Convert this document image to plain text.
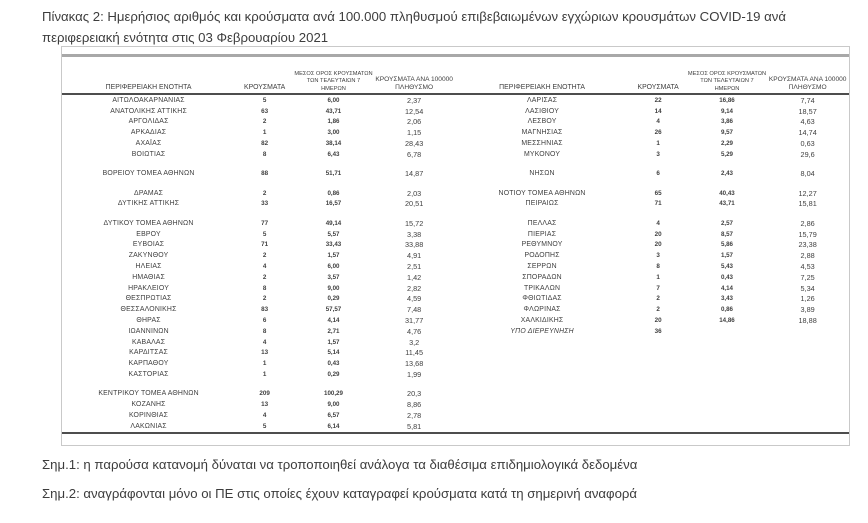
Πίνακας 2: Ημερήσιος αριθμός και κρούσματα ανά 100.000 πληθυσμού επιβεβαιωμένων εγχώριων κρουσμάτων COVID-19 ανά περιφερειακή ενότητα στις 03 Φεβρουαρίου 2021
ΠΕΡΙΦΕΡΕΙΑΚΗ ΕΝΟΤΗΤΑ	ΚΡΟΥΣΜΑΤΑ
ΜΕΣΟΣ ΟΡΟΣ ΚΡΟΥΣΜΑΤΩΝ
ΤΩΝ ΤΕΛΕΥΤΑΙΩΝ 7 ΗΜΕΡΩΝ
ΚΡΟΥΣΜΑΤΑ ΑΝΑ 100000
ΠΛΗΘΥΣΜΟ	ΠΕΡΙΦΕΡΕΙΑΚΗ ΕΝΟΤΗΤΑ	ΚΡΟΥΣΜΑΤΑ
ΜΕΣΟΣ ΟΡΟΣ ΚΡΟΥΣΜΑΤΩΝ
ΤΩΝ ΤΕΛΕΥΤΑΙΩΝ 7 ΗΜΕΡΩΝ
ΚΡΟΥΣΜΑΤΑ ΑΝΑ 100000
ΠΛΗΘΥΣΜΟ
ΑΙΤΩΛΟΑΚΑΡΝΑΝΙΑΣ	5	6,00	2,37
ΑΝΑΤΟΛΙΚΗΣ ΑΤΤΙΚΗΣ	63	43,71	12,54
ΑΡΓΟΛΙΔΑΣ	2	1,86	2,06
ΑΡΚΑΔΙΑΣ	1	3,00	1,15
ΑΧΑΪΑΣ	82	38,14	28,43
ΒΟΙΩΤΙΑΣ	8	6,43	6,78
ΒΟΡΕΙΟΥ ΤΟΜΕΑ ΑΘΗΝΩΝ	88	51,71	14,87
ΔΡΑΜΑΣ	2	0,86	2,03
ΔΥΤΙΚΗΣ ΑΤΤΙΚΗΣ	33	16,57	20,51
ΔΥΤΙΚΟΥ ΤΟΜΕΑ ΑΘΗΝΩΝ	77	49,14	15,72
ΕΒΡΟΥ	5	5,57	3,38
ΕΥΒΟΙΑΣ	71	33,43	33,88
ΖΑΚΥΝΘΟΥ	2	1,57	4,91
ΗΛΕΙΑΣ	4	6,00	2,51
ΗΜΑΘΙΑΣ	2	3,57	1,42
ΗΡΑΚΛΕΙΟΥ	8	9,00	2,82
ΘΕΣΠΡΩΤΙΑΣ	2	0,29	4,59
ΘΕΣΣΑΛΟΝΙΚΗΣ	83	57,57	7,48
ΘΗΡΑΣ	6	4,14	31,77
ΙΩΑΝΝΙΝΩΝ	8	2,71	4,76
ΚΑΒΑΛΑΣ	4	1,57	3,2
ΚΑΡΔΙΤΣΑΣ	13	5,14	11,45
ΚΑΡΠΑΘΟΥ	1	0,43	13,68
ΚΑΣΤΟΡΙΑΣ	1	0,29	1,99
ΚΕΝΤΡΙΚΟΥ ΤΟΜΕΑ ΑΘΗΝΩΝ	209	100,29	20,3
ΚΟΖΑΝΗΣ	13	9,00	8,86
ΚΟΡΙΝΘΙΑΣ	4	6,57	2,78
ΛΑΚΩΝΙΑΣ	5	6,14	5,81
ΛΑΡΙΣΑΣ	22	16,86	7,74
ΛΑΣΙΘΙΟΥ	14	9,14	18,57
ΛΕΣΒΟΥ	4	3,86	4,63
ΜΑΓΝΗΣΙΑΣ	26	9,57	14,74
ΜΕΣΣΗΝΙΑΣ	1	2,29	0,63
ΜΥΚΟΝΟΥ	3	5,29	29,6
ΝΗΣΩΝ	6	2,43	8,04
ΝΟΤΙΟΥ ΤΟΜΕΑ ΑΘΗΝΩΝ	65	40,43	12,27
ΠΕΙΡΑΙΩΣ	71	43,71	15,81
ΠΕΛΛΑΣ	4	2,57	2,86
ΠΙΕΡΙΑΣ	20	8,57	15,79
ΡΕΘΥΜΝΟΥ	20	5,86	23,38
ΡΟΔΟΠΗΣ	3	1,57	2,88
ΣΕΡΡΩΝ	8	5,43	4,53
ΣΠΟΡΑΔΩΝ	1	0,43	7,25
ΤΡΙΚΑΛΩΝ	7	4,14	5,34
ΦΘΙΩΤΙΔΑΣ	2	3,43	1,26
ΦΛΩΡΙΝΑΣ	2	0,86	3,89
ΧΑΛΚΙΔΙΚΗΣ	20	14,86	18,88
ΥΠΟ ΔΙΕΡΕΥΝΗΣΗ	36
Σημ.1: η παρούσα κατανομή δύναται να τροποποιηθεί ανάλογα τα διαθέσιμα επιδημιολογικά δεδομένα
Σημ.2: αναγράφονται μόνο οι ΠΕ στις οποίες έχουν καταγραφεί κρούσματα κατά τη σημερινή αναφορά
